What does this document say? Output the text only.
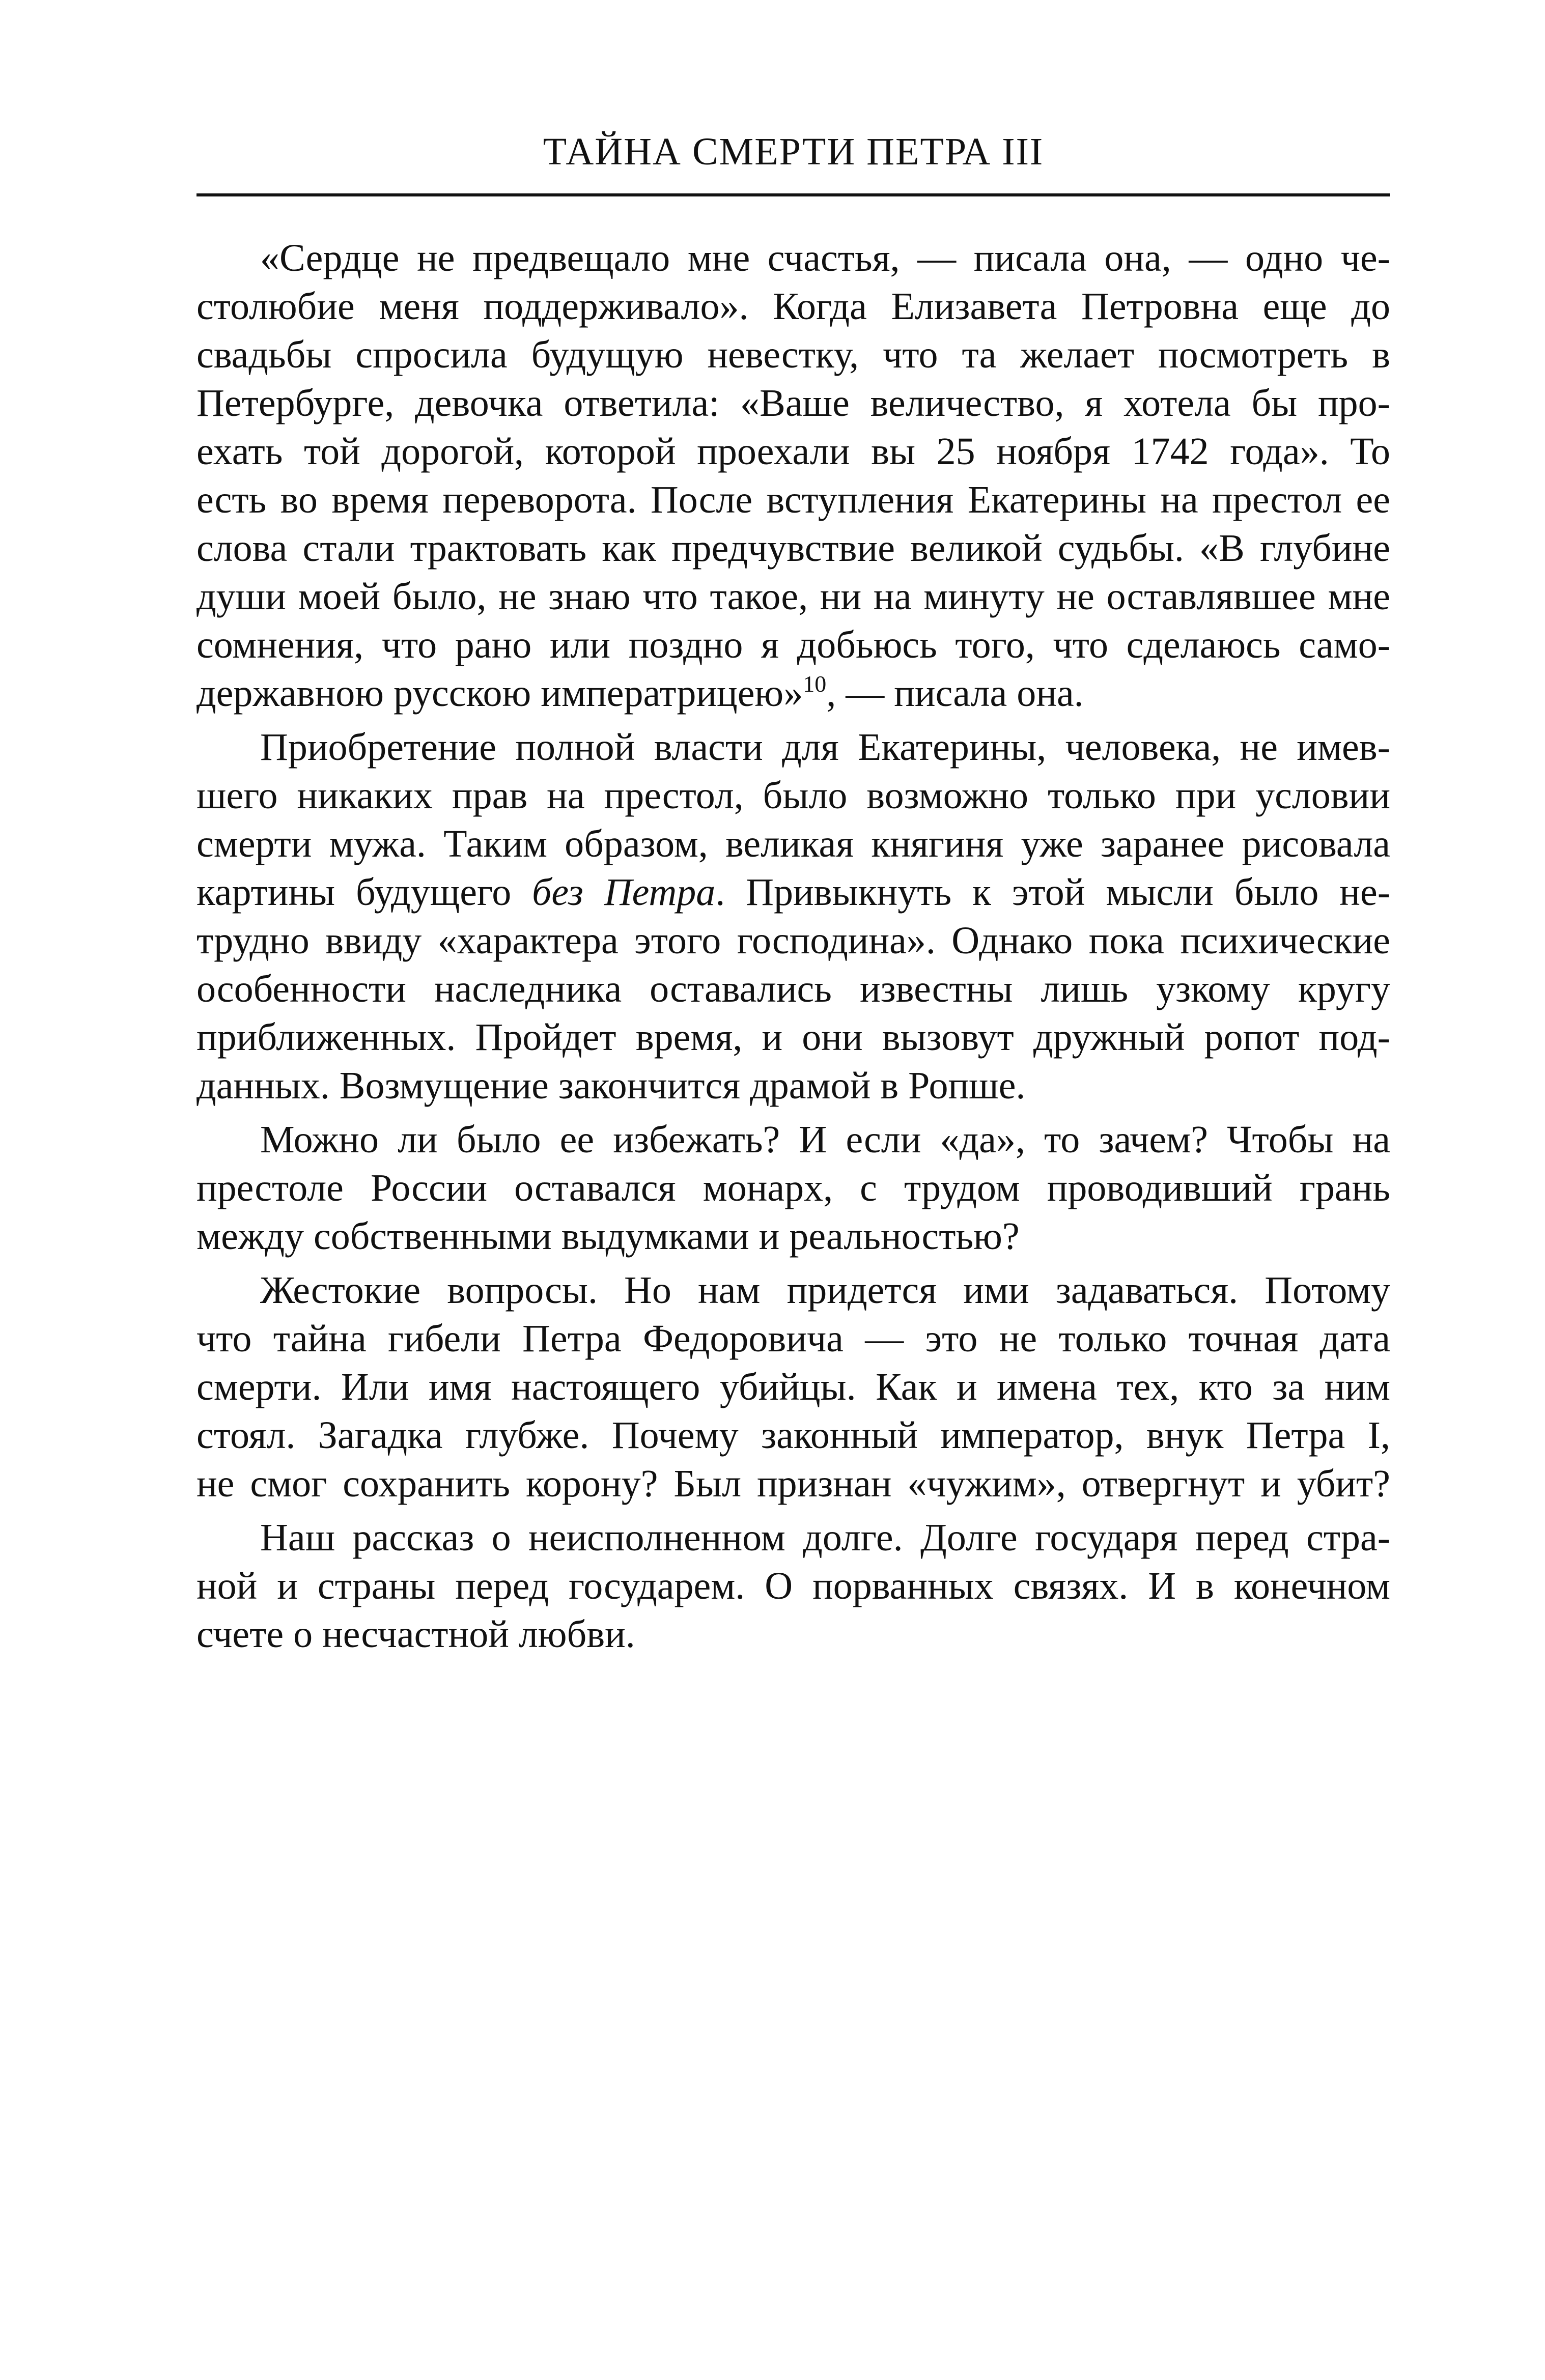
ТАЙНА СМЕРТИ ПЕТРА III
«Сердце не предвещало мне счастья, — писала она, — одно че-
столюбие меня поддерживало». Когда Елизавета Петровна еще до
свадьбы спросила будущую невестку, что та желает посмотреть в
Петербурге, девочка ответила: «Ваше величество, я хотела бы про-
ехать той дорогой, которой проехали вы 25 ноября 1742 года». То
есть во время переворота. После вступления Екатерины на престол ее
слова стали трактовать как предчувствие великой судьбы. «В глубине
души моей было, не знаю что такое, ни на минуту не оставлявшее мне
сомнения, что рано или поздно я добьюсь того, что сделаюсь само-
державною русскою императрицею»$^{10}$, — писала она.
Приобретение полной власти для Екатерины, человека, не имев-
шего никаких прав на престол, было возможно только при условии
смерти мужа. Таким образом, великая княгиня уже заранее рисовала
картины будущего без Петра. Привыкнуть к этой мысли было не-
трудно ввиду «характера этого господина». Однако пока психические
особенности наследника оставались известны лишь узкому кругу
приближенных. Пройдет время, и они вызовут дружный ропот под-
данных. Возмущение закончится драмой в Ропше.
Можно ли было ее избежать? И если «да», то зачем? Чтобы на
престоле России оставался монарх, с трудом проводивший грань
между собственными выдумками и реальностью?
Жестокие вопросы. Но нам придется ими задаваться. Потому
что тайна гибели Петра Федоровича — это не только точная дата
смерти. Или имя настоящего убийцы. Как и имена тех, кто за ним
стоял. Загадка глубже. Почему законный император, внук Петра I,
не смог сохранить корону? Был признан «чужим», отвергнут и убит?
Наш рассказ о неисполненном долге. Долге государя перед стра-
ной и страны перед государем. О порванных связях. И в конечном
счете о несчастной любви.
